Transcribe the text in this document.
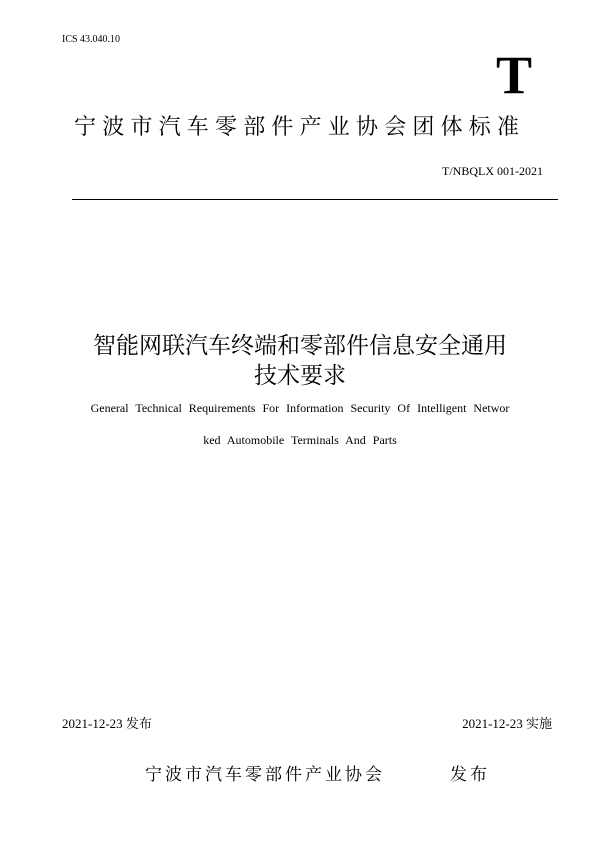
ICS 43.040.10
T
宁波市汽车零部件产业协会团体标准
T/NBQLX 001-2021
智能网联汽车终端和零部件信息安全通用
技术要求
General Technical Requirements For Information Security Of Intelligent Networ
ked Automobile Terminals And Parts
2021-12-23 发布	2021-12-23 实施
宁波市汽车零部件产业协会	发布
